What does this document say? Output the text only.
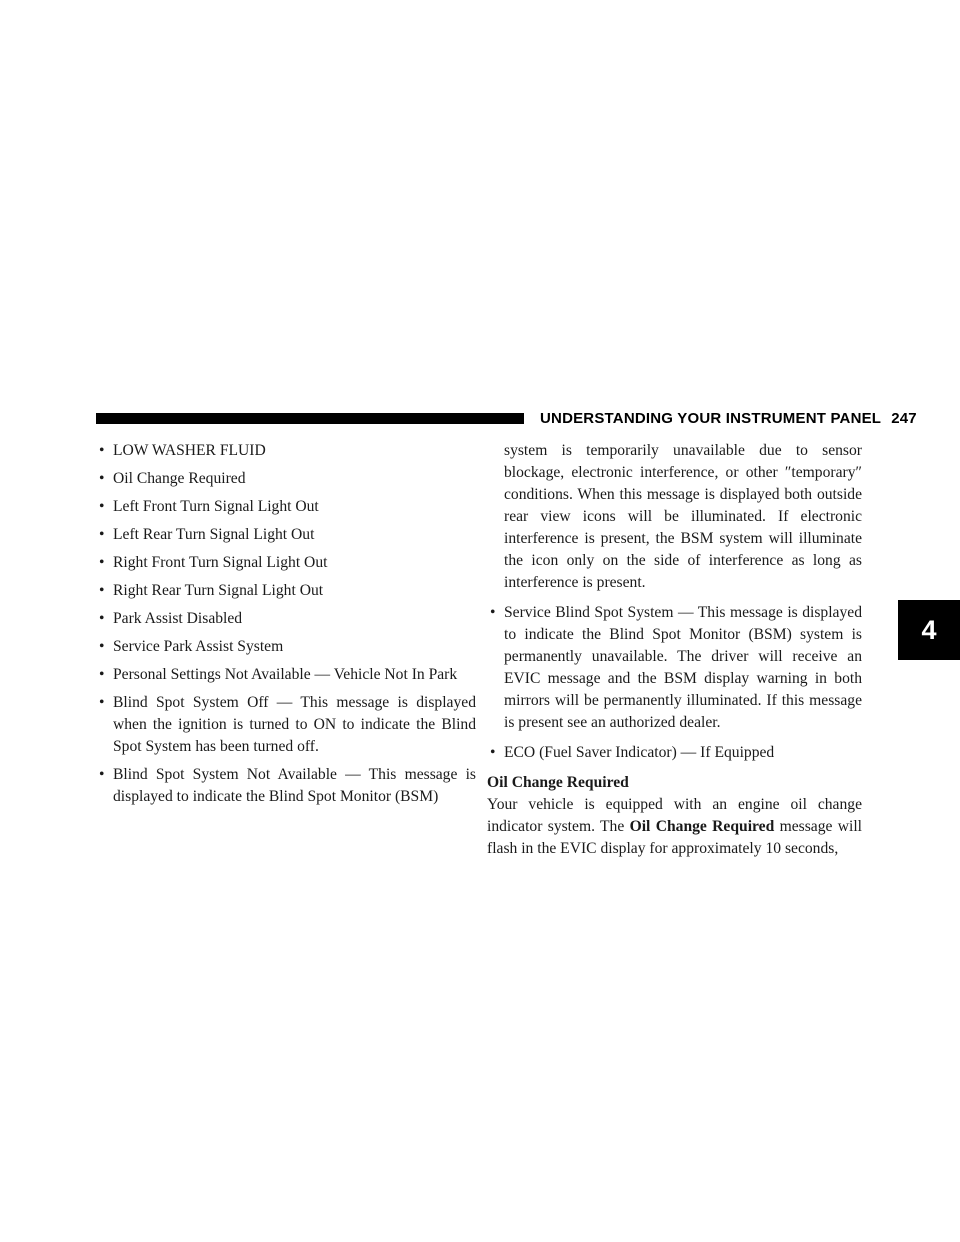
UNDERSTANDING YOUR INSTRUMENT PANEL 247
4
• LOW WASHER FLUID
• Oil Change Required
• Left Front Turn Signal Light Out
• Left Rear Turn Signal Light Out
• Right Front Turn Signal Light Out
• Right Rear Turn Signal Light Out
• Park Assist Disabled
• Service Park Assist System
• Personal Settings Not Available — Vehicle Not In Park
• Blind Spot System Off — This message is displayed when the ignition is turned to ON to indicate the Blind Spot System has been turned off.
• Blind Spot System Not Available — This message is displayed to indicate the Blind Spot Monitor (BSM)
system is temporarily unavailable due to sensor blockage, electronic interference, or other ″temporary″ conditions. When this message is displayed both outside rear view icons will be illuminated. If electronic interference is present, the BSM system will illuminate the icon only on the side of interference as long as interference is present.
• Service Blind Spot System — This message is displayed to indicate the Blind Spot Monitor (BSM) system is permanently unavailable. The driver will receive an EVIC message and the BSM display warning in both mirrors will be permanently illuminated. If this message is present see an authorized dealer.
• ECO (Fuel Saver Indicator) — If Equipped
Oil Change Required
Your vehicle is equipped with an engine oil change indicator system. The Oil Change Required message will flash in the EVIC display for approximately 10 seconds,
